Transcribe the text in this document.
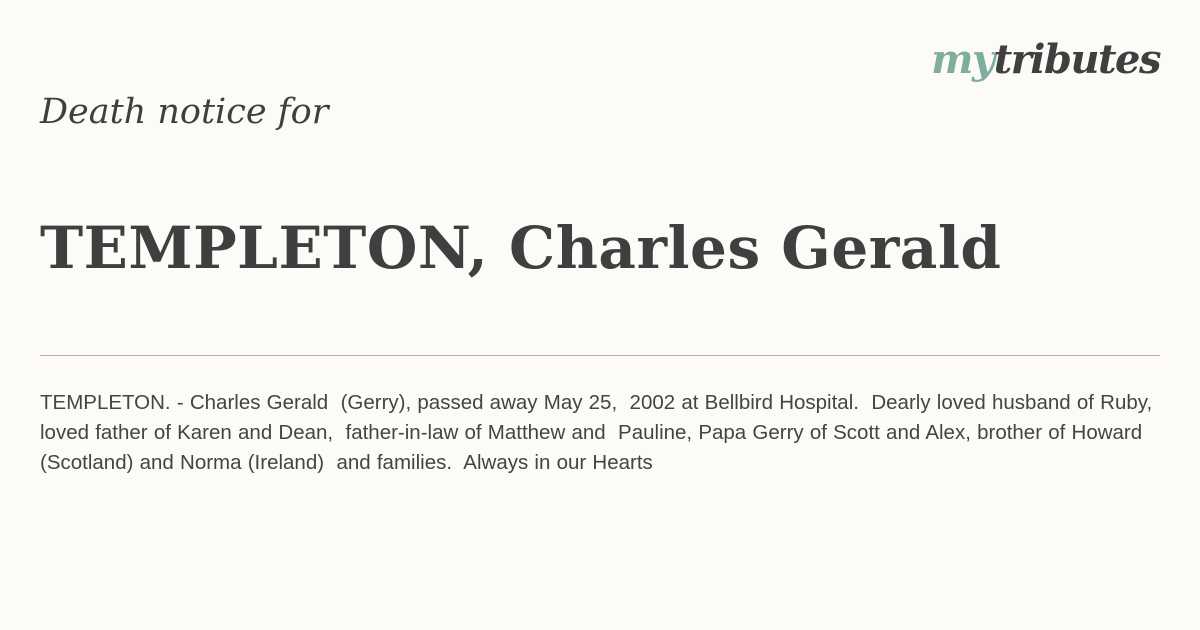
mytributes
Death notice for
TEMPLETON, Charles Gerald

TEMPLETON. - Charles Gerald  (Gerry), passed away May 25,  2002 at Bellbird Hospital.  Dearly loved husband of Ruby,  loved father of Karen and Dean,  father-in-law of Matthew and  Pauline, Papa Gerry of Scott and Alex, brother of Howard  (Scotland) and Norma (Ireland)  and families.  Always in our Hearts
